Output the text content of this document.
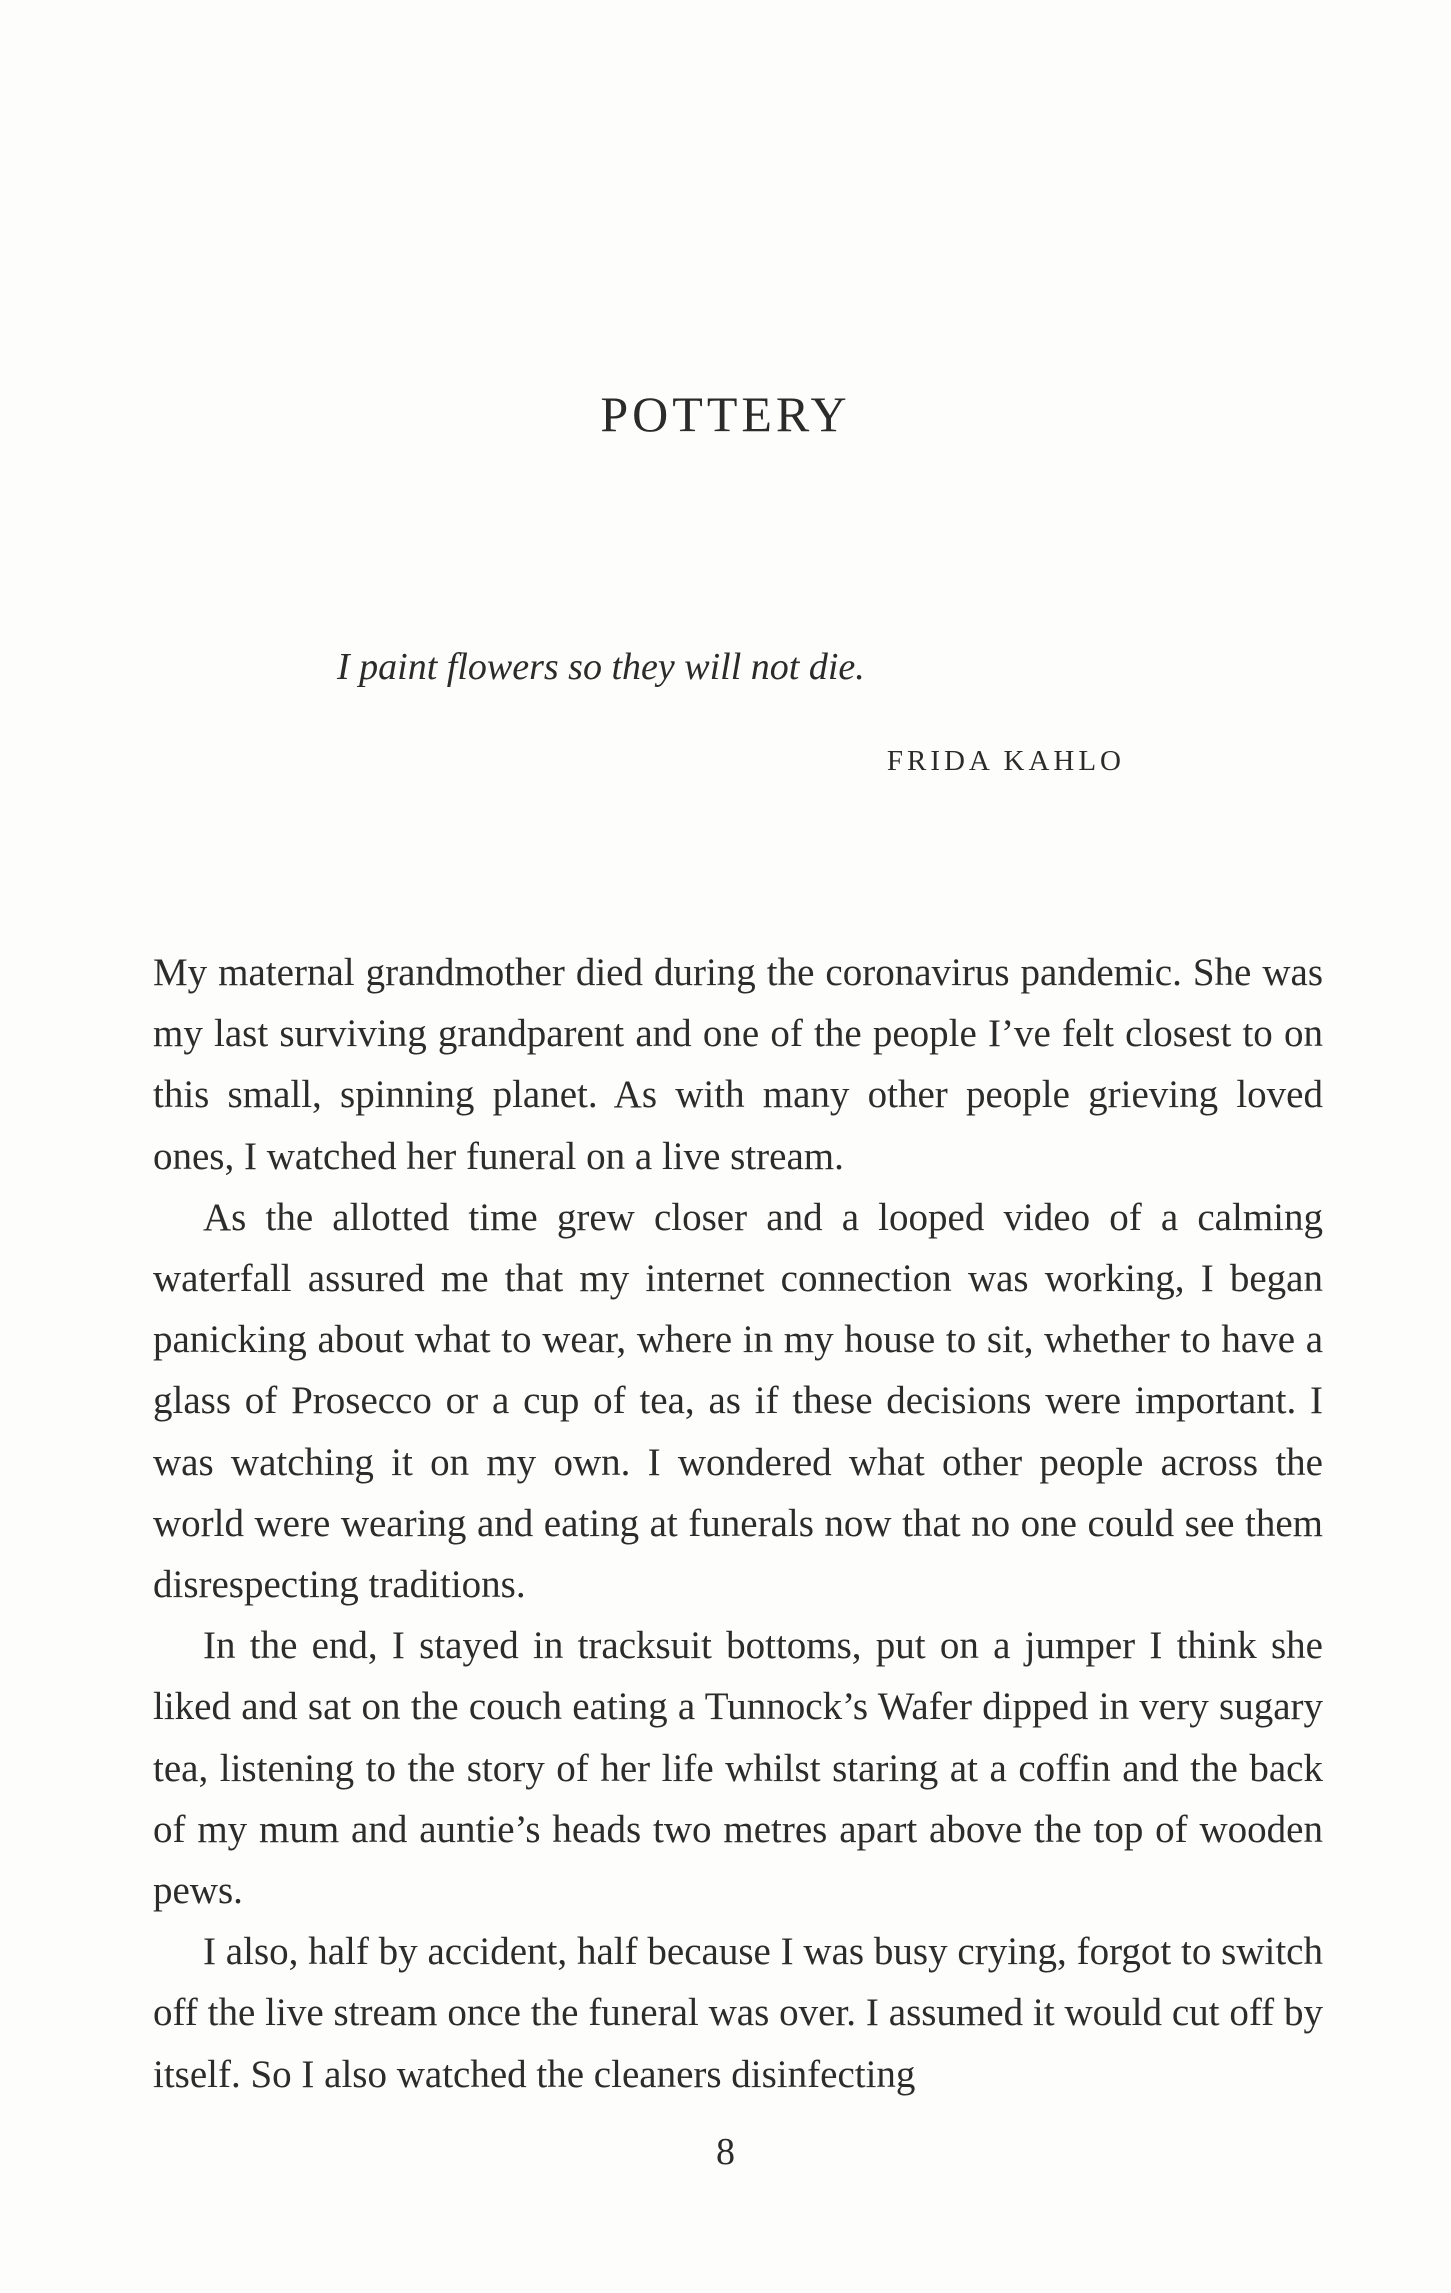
POTTERY
I paint flowers so they will not die.
FRIDA KAHLO

My maternal grandmother died during the coronavirus pandemic. She was my last surviving grandparent and one of the people I’ve felt closest to on this small, spinning planet. As with many other people grieving loved ones, I watched her funeral on a live stream.

As the allotted time grew closer and a looped video of a calming waterfall assured me that my internet connection was working, I began panicking about what to wear, where in my house to sit, whether to have a glass of Prosecco or a cup of tea, as if these decisions were important. I was watching it on my own. I wondered what other people across the world were wearing and eating at funerals now that no one could see them disrespecting traditions.

In the end, I stayed in tracksuit bottoms, put on a jumper I think she liked and sat on the couch eating a Tunnock’s Wafer dipped in very sugary tea, listening to the story of her life whilst staring at a coffin and the back of my mum and auntie’s heads two metres apart above the top of wooden pews.

I also, half by accident, half because I was busy crying, forgot to switch off the live stream once the funeral was over. I assumed it would cut off by itself. So I also watched the cleaners disinfecting

8
